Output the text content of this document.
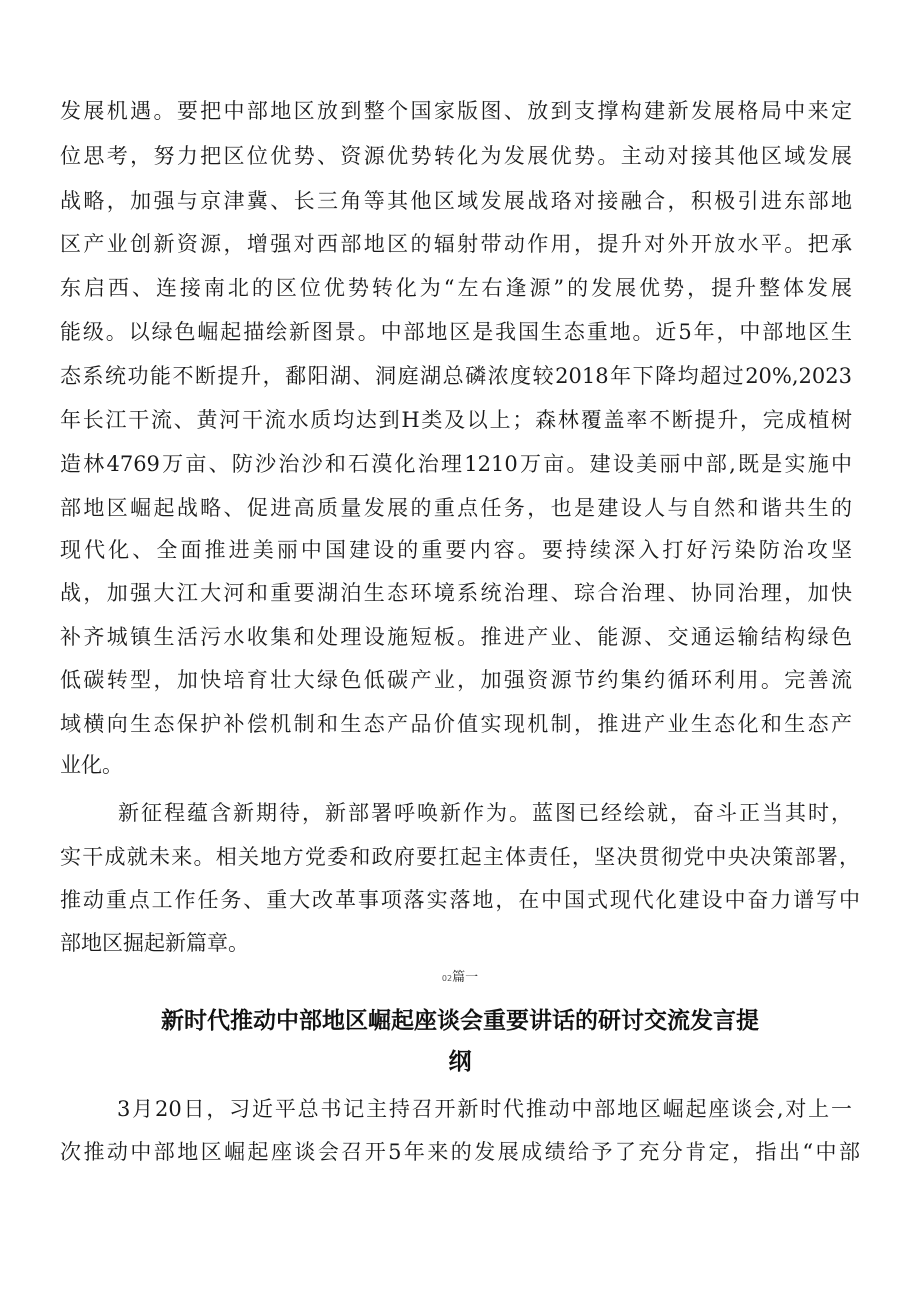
发展机遇。要把中部地区放到整个国家版图、放到支撑构建新发展格局中来定
位思考，努力把区位优势、资源优势转化为发展优势。主动对接其他区域发展
战略，加强与京津冀、长三角等其他区域发展战珞对接融合，积极引进东部地
区产业创新资源，增强对西部地区的辐射带动作用，提升对外开放水平。把承
东启西、连接南北的区位优势转化为“左右逢源”的发展优势，提升整体发展
能级。以绿色崛起描绘新图景。中部地区是我国生态重地。近5年，中部地区生
态系统功能不断提升，鄱阳湖、洞庭湖总磷浓度较2018年下降均超过20%,2023
年长江干流、黄河干流水质均达到H类及以上；森林覆盖率不断提升，完成植树
造林4769万亩、防沙治沙和石漠化治理1210万亩。建设美丽中部,既是实施中
部地区崛起战略、促进高质量发展的重点任务，也是建设人与自然和谐共生的
现代化、全面推进美丽中国建设的重要内容。要持续深入打好污染防治攻坚
战，加强大江大河和重要湖泊生态环境系统治理、琮合治理、协同治理，加快
补齐城镇生活污水收集和处理设施短板。推进产业、能源、交通运输结构绿色
低碳转型，加快培育壮大绿色低碳产业，加强资源节约集约循环利用。完善流
域横向生态保护补偿机制和生态产品价值实现机制，推进产业生态化和生态产
业化。
新征程蕴含新期待，新部署呼唤新作为。蓝图已经绘就，奋斗正当其时，
实干成就未来。相关地方党委和政府要扛起主体责任，坚决贯彻党中央决策部署，
推动重点工作任务、重大改革事项落实落地，在中国式现代化建设中奋力谱写中
部地区掘起新篇章。
02篇一
新时代推动中部地区崛起座谈会重要讲话的研讨交流发言提
纲
3月20日，习近平总书记主持召开新时代推动中部地区崛起座谈会,对上一
次推动中部地区崛起座谈会召开5年来的发展成绩给予了充分肯定，指出“中部
